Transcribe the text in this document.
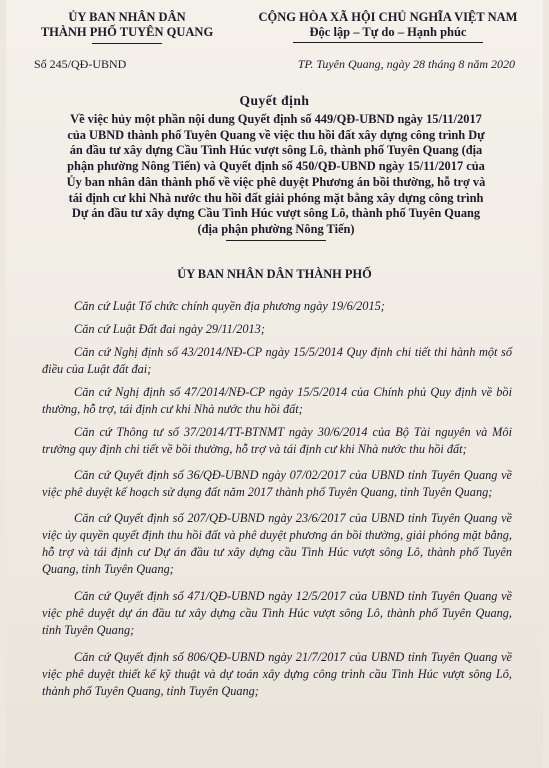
ỦY BAN NHÂN DÂN
THÀNH PHỐ TUYÊN QUANG
CỘNG HÒA XÃ HỘI CHỦ NGHĨA VIỆT NAM
Độc lập – Tự do – Hạnh phúc
Số 245/QĐ-UBND	TP. Tuyên Quang, ngày 28 tháng 8 năm 2020
Quyết định
Về việc hủy một phần nội dung Quyết định số 449/QĐ-UBND ngày 15/11/2017
của UBND thành phố Tuyên Quang về việc thu hồi đất xây dựng công trình Dự
án đầu tư xây dựng Cầu Tình Húc vượt sông Lô, thành phố Tuyên Quang (địa
phận phường Nông Tiến) và Quyết định số 450/QĐ-UBND ngày 15/11/2017 của
Ủy ban nhân dân thành phố về việc phê duyệt Phương án bồi thường, hỗ trợ và
tái định cư khi Nhà nước thu hồi đất giải phóng mặt bằng xây dựng công trình
Dự án đầu tư xây dựng Cầu Tình Húc vượt sông Lô, thành phố Tuyên Quang
(địa phận phường Nông Tiến)
ỦY BAN NHÂN DÂN THÀNH PHỐ

Căn cứ Luật Tổ chức chính quyền địa phương ngày 19/6/2015;

Căn cứ Luật Đất đai ngày 29/11/2013;

Căn cứ Nghị định số 43/2014/NĐ-CP ngày 15/5/2014 Quy định chi tiết thi hành một số điều của Luật đất đai;

Căn cứ Nghị định số 47/2014/NĐ-CP ngày 15/5/2014 của Chính phủ Quy định về bồi thường, hỗ trợ, tái định cư khi Nhà nước thu hồi đất;

Căn cứ Thông tư số 37/2014/TT-BTNMT ngày 30/6/2014 của Bộ Tài nguyên và Môi trường quy định chi tiết về bồi thường, hỗ trợ và tái định cư khi Nhà nước thu hồi đất;

Căn cứ Quyết định số 36/QĐ-UBND ngày 07/02/2017 của UBND tỉnh Tuyên Quang về việc phê duyệt kế hoạch sử dụng đất năm 2017 thành phố Tuyên Quang, tỉnh Tuyên Quang;

Căn cứ Quyết định số 207/QĐ-UBND ngày 23/6/2017 của UBND tỉnh Tuyên Quang về việc ủy quyền quyết định thu hồi đất và phê duyệt phương án bồi thường, giải phóng mặt bằng, hỗ trợ và tái định cư Dự án đầu tư xây dựng cầu Tình Húc vượt sông Lô, thành phố Tuyên Quang, tỉnh Tuyên Quang;

Căn cứ Quyết định số 471/QĐ-UBND ngày 12/5/2017 của UBND tỉnh Tuyên Quang về việc phê duyệt dự án đầu tư xây dựng cầu Tình Húc vượt sông Lô, thành phố Tuyên Quang, tỉnh Tuyên Quang;

Căn cứ Quyết định số 806/QĐ-UBND ngày 21/7/2017 của UBND tỉnh Tuyên Quang về việc phê duyệt thiết kế kỹ thuật và dự toán xây dựng công trình cầu Tình Húc vượt sông Lô, thành phố Tuyên Quang, tỉnh Tuyên Quang;
